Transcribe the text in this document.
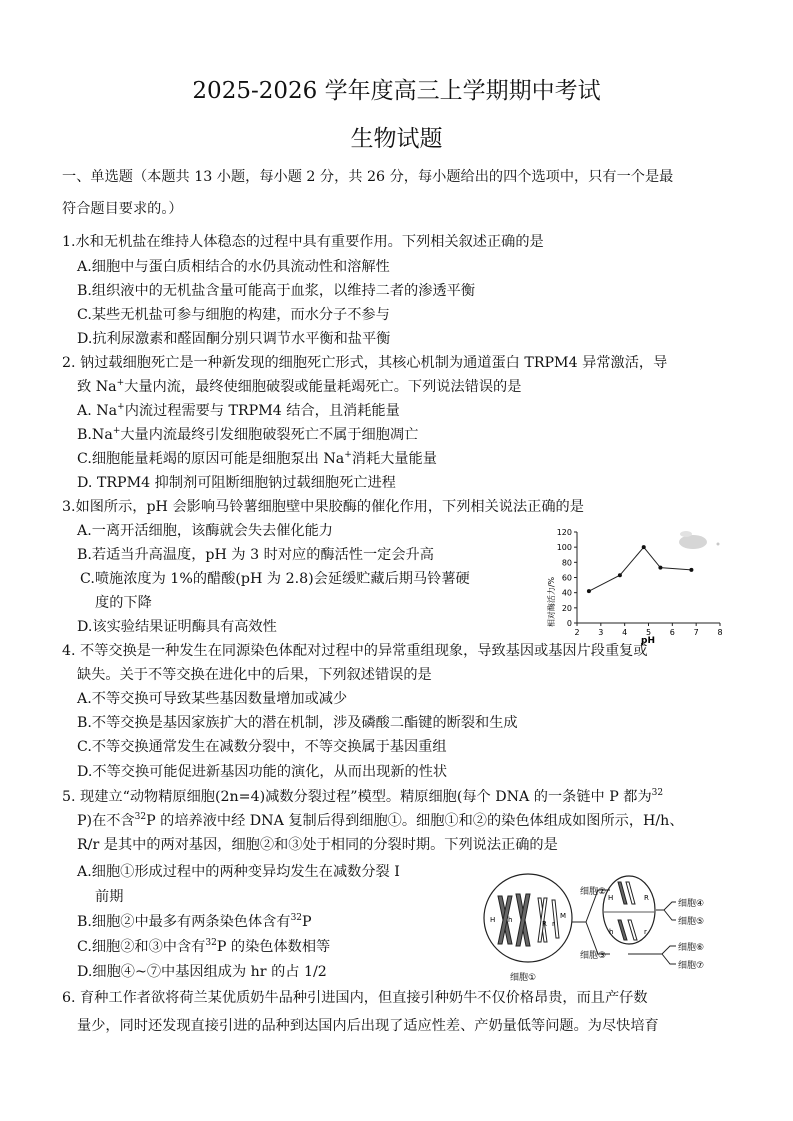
2025-2026 学年度高三上学期期中考试
生物试题
一、单选题（本题共 13 小题，每小题 2 分，共 26 分，每小题给出的四个选项中，只有一个是最
符合题目要求的。）
1.水和无机盐在维持人体稳态的过程中具有重要作用。下列相关叙述正确的是
A.细胞中与蛋白质相结合的水仍具流动性和溶解性
B.组织液中的无机盐含量可能高于血浆，以维持二者的渗透平衡
C.某些无机盐可参与细胞的构建，而水分子不参与
D.抗利尿激素和醛固酮分别只调节水平衡和盐平衡
2. 钠过载细胞死亡是一种新发现的细胞死亡形式，其核心机制为通道蛋白 TRPM4 异常激活，导
致 Na+大量内流，最终使细胞破裂或能量耗竭死亡。下列说法错误的是
A. Na+内流过程需要与 TRPM4 结合，且消耗能量
B.Na+大量内流最终引发细胞破裂死亡不属于细胞凋亡
C.细胞能量耗竭的原因可能是细胞泵出 Na+消耗大量能量
D. TRPM4 抑制剂可阻断细胞钠过载细胞死亡进程
3.如图所示，pH 会影响马铃薯细胞壁中果胶酶的催化作用，下列相关说法正确的是
A.一离开活细胞，该酶就会失去催化能力
B.若适当升高温度，pH 为 3 时对应的酶活性一定会升高
C.喷施浓度为 1%的醋酸(pH 为 2.8)会延缓贮藏后期马铃薯硬
度的下降
D.该实验结果证明酶具有高效性	相对酶活力/% 0
20
40
60
80
100
120
2 3 4 5 6 7 8
pH
4. 不等交换是一种发生在同源染色体配对过程中的异常重组现象，导致基因或基因片段重复或
缺失。关于不等交换在进化中的后果，下列叙述错误的是
A.不等交换可导致某些基因数量增加或减少
B.不等交换是基因家族扩大的潜在机制，涉及磷酸二酯键的断裂和生成
C.不等交换通常发生在减数分裂中，不等交换属于基因重组
D.不等交换可能促进新基因功能的演化，从而出现新的性状
5. 现建立“动物精原细胞(2n=4)减数分裂过程”模型。精原细胞(每个 DNA 的一条链中 P 都为$^{32}$
P)在不含$^{32}$P 的培养液中经 DNA 复制后得到细胞①。细胞①和②的染色体组成如图所示，H/h、
R/r 是其中的两对基因，细胞②和③处于相同的分裂时期。下列说法正确的是
A.细胞①形成过程中的两种变异均发生在减数分裂 I
前期
B.细胞②中最多有两条染色体含有$^{32}$P
C.细胞②和③中含有$^{32}$P 的染色体数相等
D.细胞④~⑦中基因组成为 hr 的占 1/2
H h	R r
M
细胞①
细胞②
细胞③
H	R
h	r
细胞④
细胞⑤
细胞⑥
细胞⑦
6. 育种工作者欲将荷兰某优质奶牛品种引进国内，但直接引种奶牛不仅价格昂贵，而且产仔数
量少，同时还发现直接引进的品种到达国内后出现了适应性差、产奶量低等问题。为尽快培育
